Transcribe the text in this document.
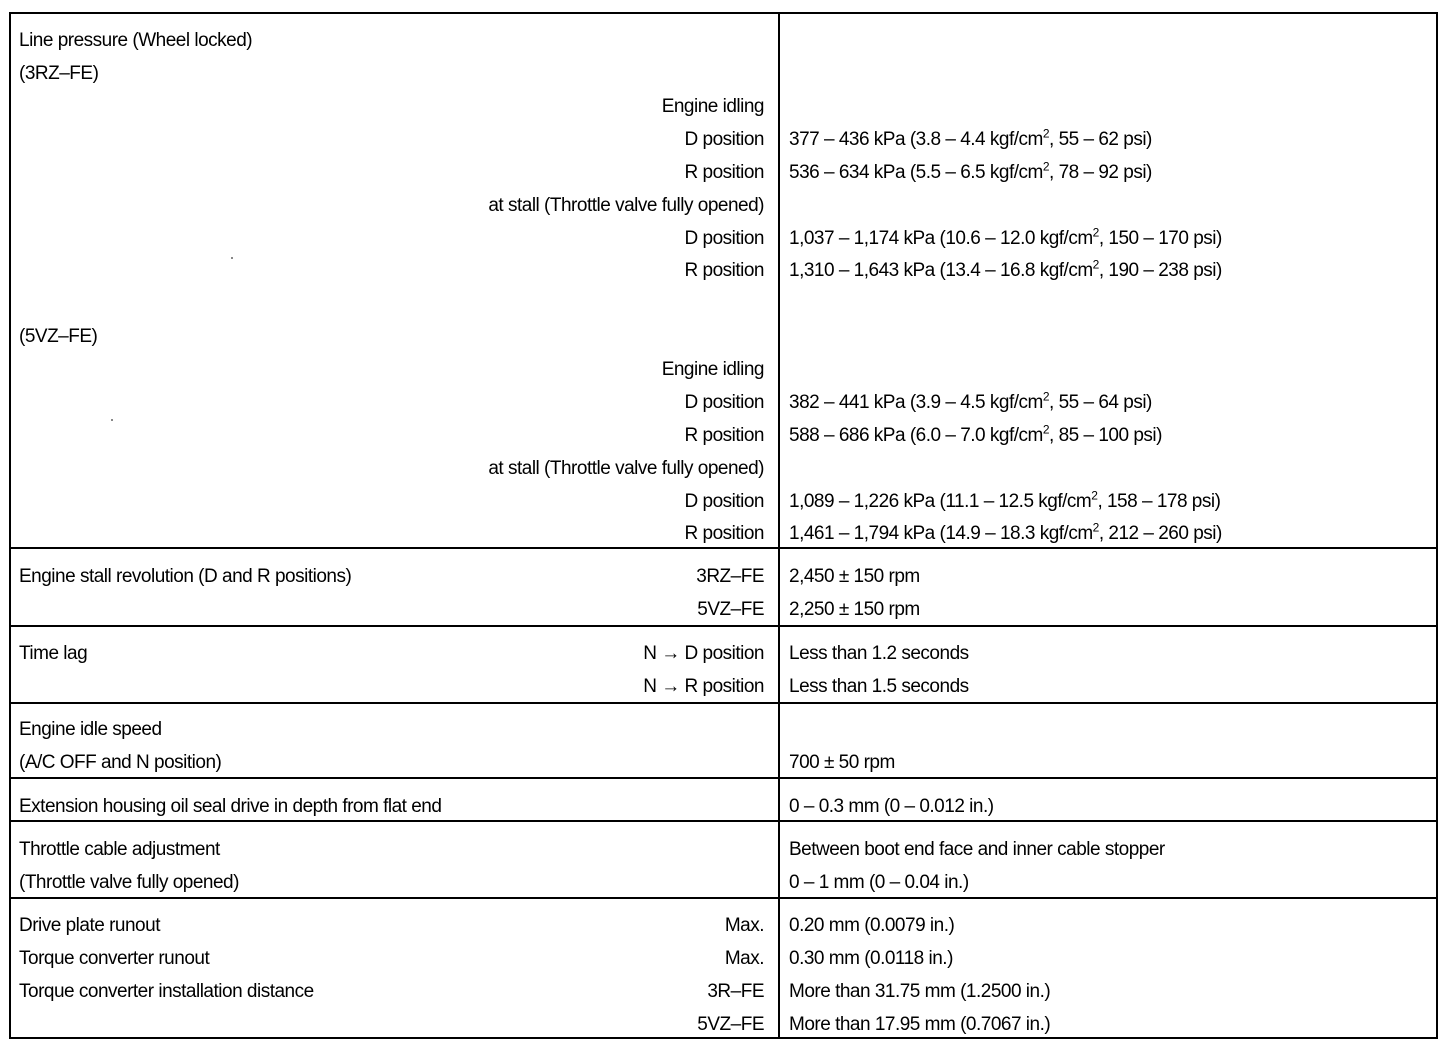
Line pressure (Wheel locked)
(3RZ–FE)
Engine idling
D position 377 – 436 kPa (3.8 – 4.4 kgf/$cm^2$, 55 – 62 psi)
R position 536 – 634 kPa (5.5 – 6.5 kgf/$cm^2$, 78 – 92 psi)
at stall (Throttle valve fully opened)
D position 1,037 – 1,174 kPa (10.6 – 12.0 kgf/$cm^2$, 150 – 170 psi)
R position 1,310 – 1,643 kPa (13.4 – 16.8 kgf/$cm^2$, 190 – 238 psi)
(5VZ–FE)
Engine idling
D position 382 – 441 kPa (3.9 – 4.5 kgf/$cm^2$, 55 – 64 psi)
R position 588 – 686 kPa (6.0 – 7.0 kgf/$cm^2$, 85 – 100 psi)
at stall (Throttle valve fully opened)
D position 1,089 – 1,226 kPa (11.1 – 12.5 kgf/$cm^2$, 158 – 178 psi)
R position 1,461 – 1,794 kPa (14.9 – 18.3 kgf/$cm^2$, 212 – 260 psi)
Engine stall revolution (D and R positions)	3RZ–FE 2,450 ± 150 rpm
5VZ–FE 2,250 ± 150 rpm
Time lag	N → D position Less than 1.2 seconds
N → R position Less than 1.5 seconds
Engine idle speed
(A/C OFF and N position)	700 ± 50 rpm
Extension housing oil seal drive in depth from flat end	0 – 0.3 mm (0 – 0.012 in.)
Throttle cable adjustment	Between boot end face and inner cable stopper
(Throttle valve fully opened)	0 – 1 mm (0 – 0.04 in.)
Drive plate runout	Max. 0.20 mm (0.0079 in.)
Torque converter runout	Max. 0.30 mm (0.0118 in.)
Torque converter installation distance	3R–FE More than 31.75 mm (1.2500 in.)
5VZ–FE More than 17.95 mm (0.7067 in.)
